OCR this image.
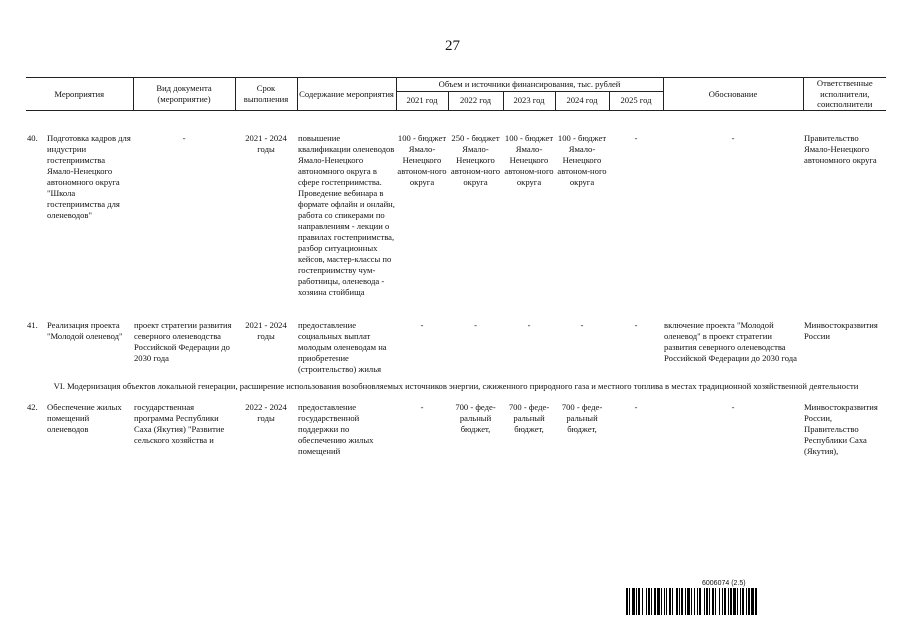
27
Мероприятия	Вид документа (мероприятие)	Срок выполнения	Содержание мероприятия	Объем и источники финансирования, тыс. рублей					Обоснование	Ответственные исполнители, соисполнители
				2021 год	2022 год	2023 год	2024 год	2025 год		

40. Подготовка кадров для индустрии гостеприимства Ямало-Ненецкого автономного округа "Школа гостеприимства для оленеводов"	-	2021 - 2024 годы	повышение квалификации оленеводов Ямало-Ненецкого автономного округа в сфере гостеприимства. Проведение вебинара в формате офлайн и онлайн, работа со спикерами по направлениям - лекции о правилах гостеприимства, разбор ситуационных кейсов, мастер-классы по гостеприимству чум-работницы, оленевода - хозяина стойбища	100 - бюджет Ямало-Ненецкого автоном-ного округа	250 - бюджет Ямало-Ненецкого автоном-ного округа	100 - бюджет Ямало-Ненецкого автоном-ного округа	100 - бюджет Ямало-Ненецкого автоном-ного округа	-	-	Правительство Ямало-Ненецкого автономного округа

41. Реализация проекта "Молодой оленевод"	проект стратегии развития северного оленеводства Российской Федерации до 2030 года	2021 - 2024 годы	предоставление социальных выплат молодым оленеводам на приобретение (строительство) жилья	-	-	-	-	-	включение проекта "Молодой оленевод" в проект стратегии развития северного оленеводства Российской Федерации до 2030 года	Минвостокразвития России
VI. Модернизация объектов локальной генерации, расширение использования возобновляемых источников энергии, сжиженного природного газа и местного топлива в местах традиционной хозяйственной деятельности										

42. Обеспечение жилых помещений оленеводов	государственная программа Республики Саха (Якутия) "Развитие сельского хозяйства и	2022 - 2024 годы	предоставление государственной поддержки по обеспечению жилых помещений	-	700 - феде-ральный бюджет,	700 - феде-ральный бюджет,	700 - феде-ральный бюджет,	-	-	Минвостокразвития России, Правительство Республики Саха (Якутия),
6006074 (2.5)
